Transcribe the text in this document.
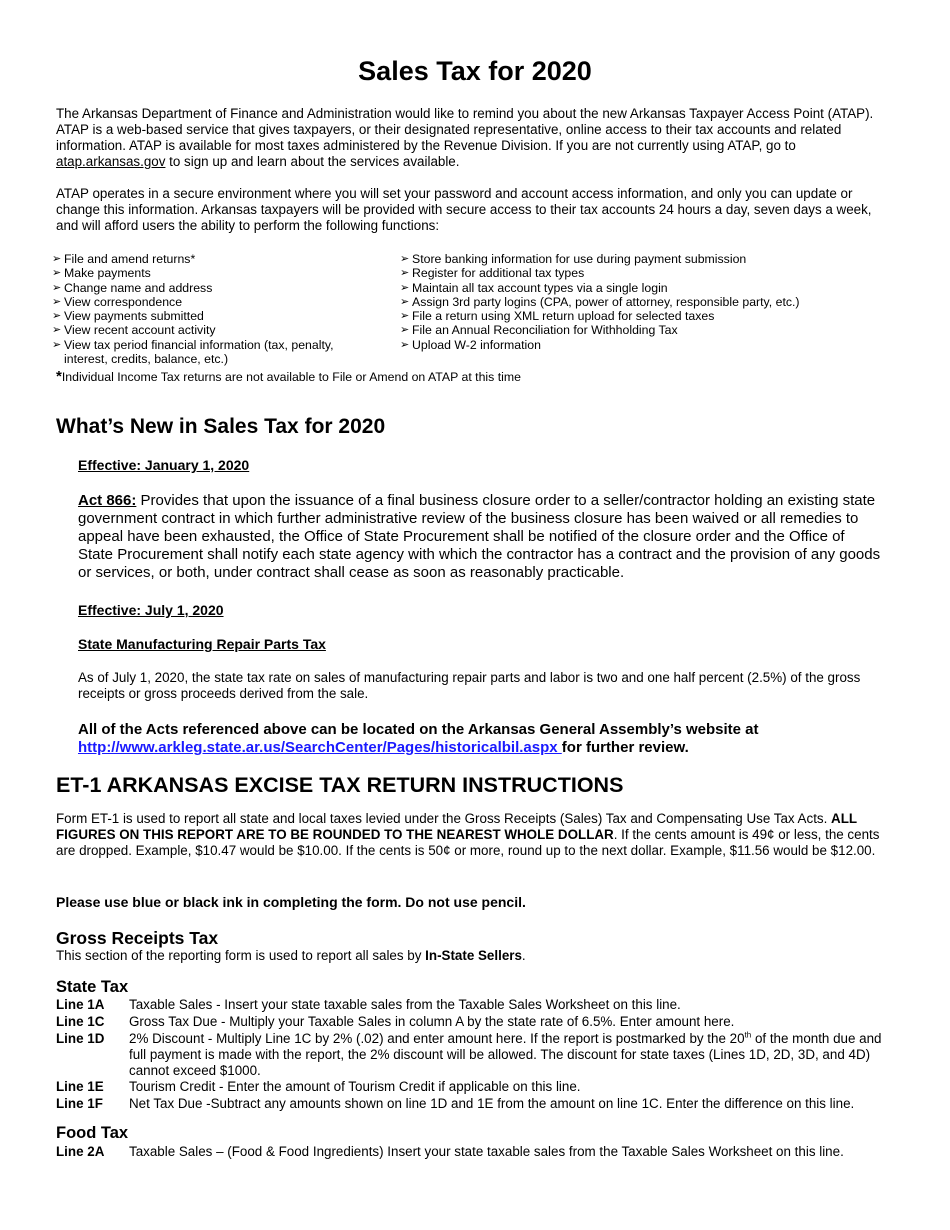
Sales Tax for 2020
The Arkansas Department of Finance and Administration would like to remind you about the new Arkansas Taxpayer Access Point (ATAP). ATAP is a web-based service that gives taxpayers, or their designated representative, online access to their tax accounts and related information. ATAP is available for most taxes administered by the Revenue Division. If you are not currently using ATAP, go to atap.arkansas.gov to sign up and learn about the services available.
ATAP operates in a secure environment where you will set your password and account access information, and only you can update or change this information. Arkansas taxpayers will be provided with secure access to their tax accounts 24 hours a day, seven days a week, and will afford users the ability to perform the following functions:
➢ File and amend returns*
➢ Make payments
➢ Change name and address
➢ View correspondence
➢ View payments submitted
➢ View recent account activity
➢ View tax period financial information (tax, penalty, interest, credits, balance, etc.)
➢ Store banking information for use during payment submission
➢ Register for additional tax types
➢ Maintain all tax account types via a single login
➢ Assign 3rd party logins (CPA, power of attorney, responsible party, etc.)
➢ File a return using XML return upload for selected taxes
➢ File an Annual Reconciliation for Withholding Tax
➢ Upload W-2 information
*Individual Income Tax returns are not available to File or Amend on ATAP at this time
What’s New in Sales Tax for 2020
Effective: January 1, 2020
Act 866: Provides that upon the issuance of a final business closure order to a seller/contractor holding an existing state government contract in which further administrative review of the business closure has been waived or all remedies to appeal have been exhausted, the Office of State Procurement shall be notified of the closure order and the Office of State Procurement shall notify each state agency with which the contractor has a contract and the provision of any goods or services, or both, under contract shall cease as soon as reasonably practicable.
Effective: July 1, 2020
State Manufacturing Repair Parts Tax
As of July 1, 2020, the state tax rate on sales of manufacturing repair parts and labor is two and one half percent (2.5%) of the gross receipts or gross proceeds derived from the sale.
All of the Acts referenced above can be located on the Arkansas General Assembly’s website at
http://www.arkleg.state.ar.us/SearchCenter/Pages/historicalbil.aspx for further review.
ET-1 ARKANSAS EXCISE TAX RETURN INSTRUCTIONS
Form ET-1 is used to report all state and local taxes levied under the Gross Receipts (Sales) Tax and Compensating Use Tax Acts. ALL FIGURES ON THIS REPORT ARE TO BE ROUNDED TO THE NEAREST WHOLE DOLLAR. If the cents amount is 49¢ or less, the cents are dropped. Example, $10.47 would be $10.00. If the cents is 50¢ or more, round up to the next dollar. Example, $11.56 would be $12.00.
Please use blue or black ink in completing the form. Do not use pencil.
Gross Receipts Tax
This section of the reporting form is used to report all sales by In-State Sellers.
State Tax
Line 1A	Taxable Sales - Insert your state taxable sales from the Taxable Sales Worksheet on this line.
Line 1C	Gross Tax Due - Multiply your Taxable Sales in column A by the state rate of 6.5%. Enter amount here.
Line 1D	2% Discount - Multiply Line 1C by 2% (.02) and enter amount here. If the report is postmarked by the 20th of the month due and full payment is made with the report, the 2% discount will be allowed. The discount for state taxes (Lines 1D, 2D, 3D, and 4D) cannot exceed $1000.
Line 1E	Tourism Credit - Enter the amount of Tourism Credit if applicable on this line.
Line 1F	Net Tax Due -Subtract any amounts shown on line 1D and 1E from the amount on line 1C. Enter the difference on this line.
Food Tax
Line 2A	Taxable Sales – (Food & Food Ingredients) Insert your state taxable sales from the Taxable Sales Worksheet on this line.
